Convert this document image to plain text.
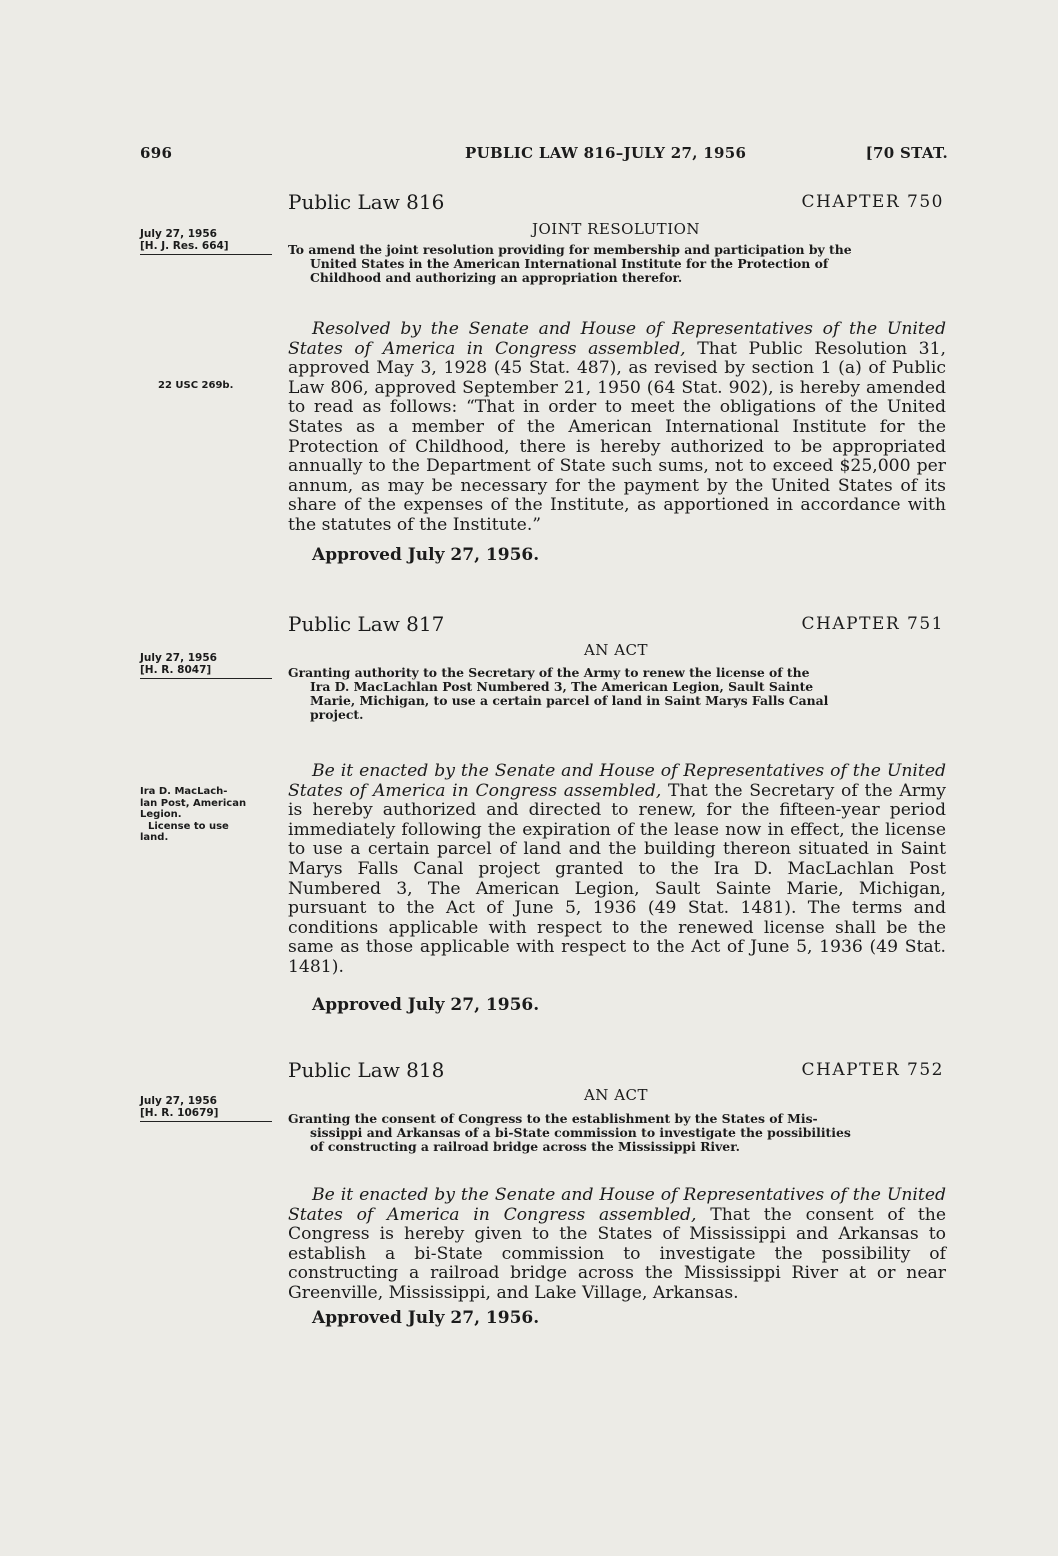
696	PUBLIC LAW 816–JULY 27, 1956	[70 STAT.
Public Law 816	CHAPTER 750
JOINT RESOLUTION
July 27, 1956
[H. J. Res. 664]	To amend the joint resolution providing for membership and participation by the
United States in the American International Institute for the Protection of
Childhood and authorizing an appropriation therefor.
22 USC 269b.

Resolved by the Senate and House of Representatives of the United States of America in Congress assembled, That Public Resolution 31, approved May 3, 1928 (45 Stat. 487), as revised by section 1 (a) of Public Law 806, approved September 21, 1950 (64 Stat. 902), is hereby amended to read as follows: “That in order to meet the obligations of the United States as a member of the American International Institute for the Protection of Childhood, there is hereby authorized to be appropriated annually to the Department of State such sums, not to exceed $25,000 per annum, as may be necessary for the payment by the United States of its share of the expenses of the Institute, as apportioned in accordance with the statutes of the Institute.”

Approved July 27, 1956.
Public Law 817	CHAPTER 751
AN ACT
July 27, 1956
[H. R. 8047]	Granting authority to the Secretary of the Army to renew the license of the
Ira D. MacLachlan Post Numbered 3, The American Legion, Sault Sainte
Marie, Michigan, to use a certain parcel of land in Saint Marys Falls Canal
project.
Ira D. MacLach-
lan Post, American
Legion.
License to use
land.

Be it enacted by the Senate and House of Representatives of the United States of America in Congress assembled, That the Secretary of the Army is hereby authorized and directed to renew, for the fifteen-year period immediately following the expiration of the lease now in effect, the license to use a certain parcel of land and the building thereon situated in Saint Marys Falls Canal project granted to the Ira D. MacLachlan Post Numbered 3, The American Legion, Sault Sainte Marie, Michigan, pursuant to the Act of June 5, 1936 (49 Stat. 1481). The terms and conditions applicable with respect to the renewed license shall be the same as those applicable with respect to the Act of June 5, 1936 (49 Stat. 1481).

Approved July 27, 1956.
Public Law 818	CHAPTER 752
AN ACT
July 27, 1956
[H. R. 10679]	Granting the consent of Congress to the establishment by the States of Mis-
sissippi and Arkansas of a bi-State commission to investigate the possibilities
of constructing a railroad bridge across the Mississippi River.

Be it enacted by the Senate and House of Representatives of the United States of America in Congress assembled, That the consent of the Congress is hereby given to the States of Mississippi and Arkansas to establish a bi-State commission to investigate the possibility of constructing a railroad bridge across the Mississippi River at or near Greenville, Mississippi, and Lake Village, Arkansas.

Approved July 27, 1956.
